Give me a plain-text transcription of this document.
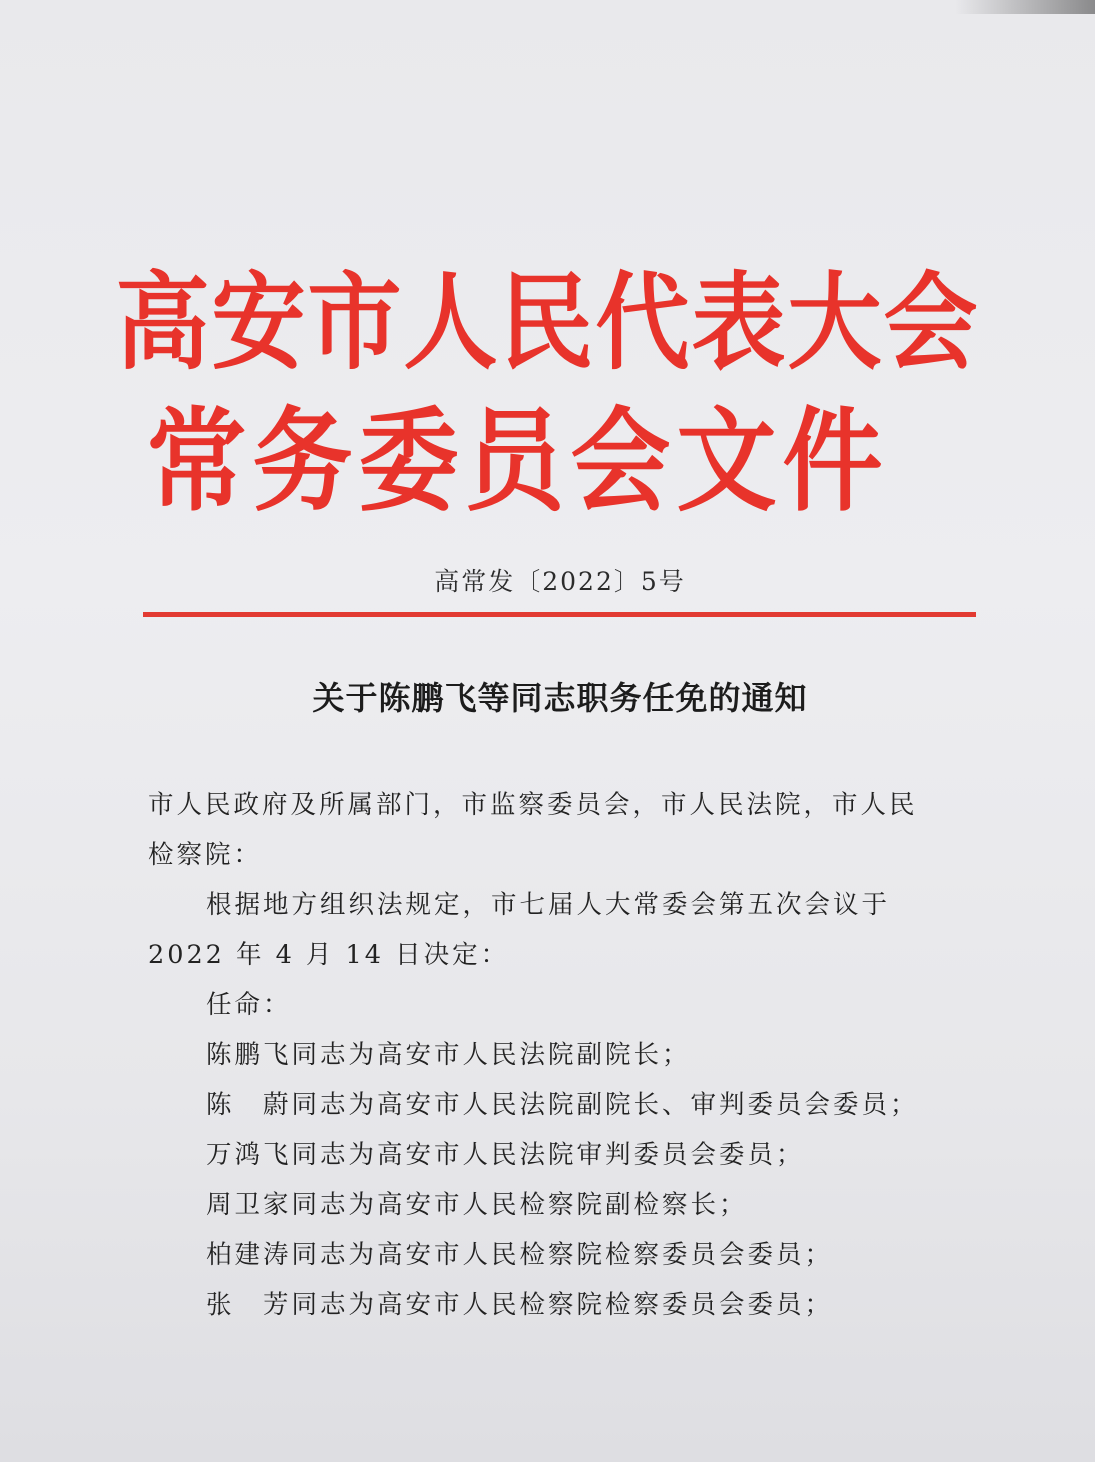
高安市人民代表大会
常务委员会文件
高常发〔2022〕5号
关于陈鹏飞等同志职务任免的通知
市人民政府及所属部门，市监察委员会，市人民法院，市人民
检察院：
根据地方组织法规定，市七届人大常委会第五次会议于
2022 年 4 月 14 日决定：
任命：
陈鹏飞同志为高安市人民法院副院长；
陈　蔚同志为高安市人民法院副院长、审判委员会委员；
万鸿飞同志为高安市人民法院审判委员会委员；
周卫家同志为高安市人民检察院副检察长；
柏建涛同志为高安市人民检察院检察委员会委员；
张　芳同志为高安市人民检察院检察委员会委员；
